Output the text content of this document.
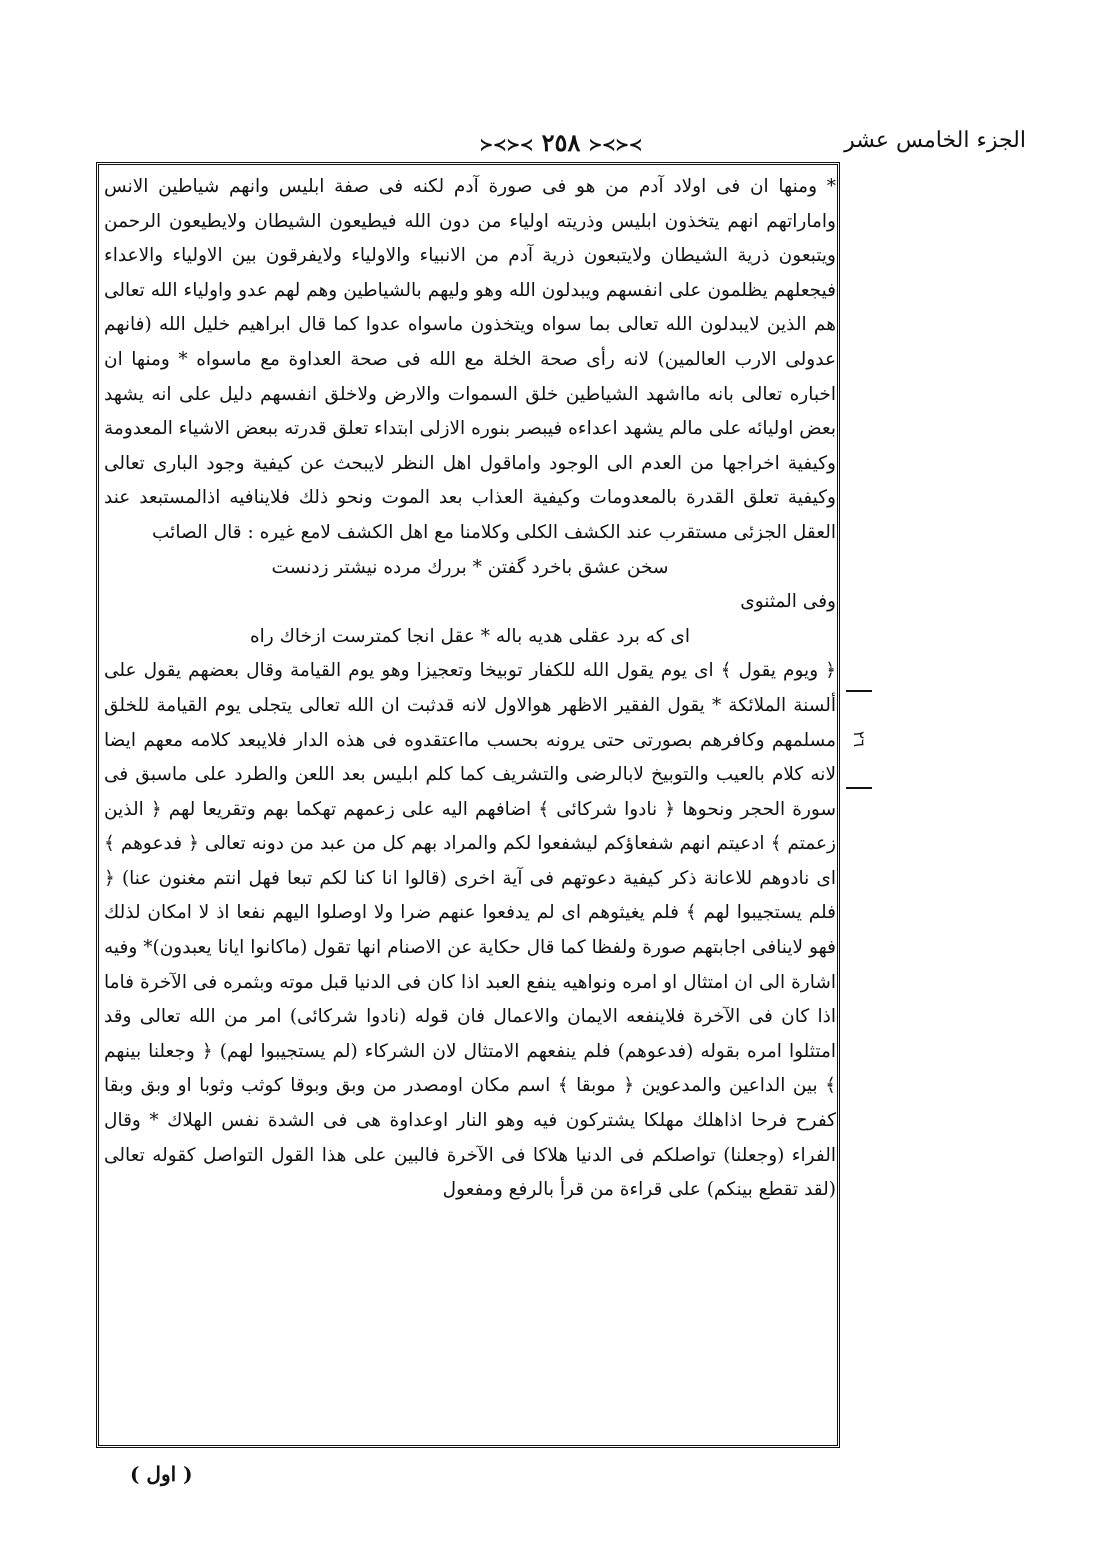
الجزء الخامس عشر
≻≺≻≺ ٢٥٨ ≻≺≻≺

* ومنها ان فى اولاد آدم من هو فى صورة آدم لكنه فى صفة ابليس وانهم شياطين الانس واماراتهم انهم يتخذون ابليس وذريته اولياء من دون الله فيطيعون الشيطان ولايطيعون الرحمن ويتبعون ذرية الشيطان ولايتبعون ذرية آدم من الانبياء والاولياء ولايفرقون بين الاولياء والاعداء فيجعلهم يظلمون على انفسهم ويبدلون الله وهو وليهم بالشياطين وهم لهم عدو واولياء الله تعالى هم الذين لايبدلون الله تعالى بما سواه ويتخذون ماسواه عدوا كما قال ابراهيم خليل الله (فانهم عدولى الارب العالمين) لانه رأى صحة الخلة مع الله فى صحة العداوة مع ماسواه * ومنها ان اخباره تعالى بانه مااشهد الشياطين خلق السموات والارض ولاخلق انفسهم دليل على انه يشهد بعض اوليائه على مالم يشهد اعداءه فيبصر بنوره الازلى ابتداء تعلق قدرته ببعض الاشياء المعدومة وكيفية اخراجها من العدم الى الوجود واماقول اهل النظر لايبحث عن كيفية وجود البارى تعالى وكيفية تعلق القدرة بالمعدومات وكيفية العذاب بعد الموت ونحو ذلك فلاينافيه اذالمستبعد عند العقل الجزئى مستقرب عند الكشف الكلى وكلامنا مع اهل الكشف لامع غيره : قال الصائب

سخن عشق باخرد گفتن * بررك مرده نيشتر زدنست

وفى المثنوى

اى كه برد عقلى هديه باله * عقل انجا كمترست ازخاك راه

﴿ ويوم يقول ﴾ اى يوم يقول الله للكفار توبيخا وتعجيزا وهو يوم القيامة وقال بعضهم يقول على ألسنة الملائكة * يقول الفقير الاظهر هوالاول لانه قدثبت ان الله تعالى يتجلى يوم القيامة للخلق مسلمهم وكافرهم بصورتى حتى يرونه بحسب مااعتقدوه فى هذه الدار فلايبعد كلامه معهم ايضا لانه كلام بالعيب والتوبيخ لابالرضى والتشريف كما كلم ابليس بعد اللعن والطرد على ماسبق فى سورة الحجر ونحوها ﴿ نادوا شركائى ﴾ اضافهم اليه على زعمهم تهكما بهم وتقريعا لهم ﴿ الذين زعمتم ﴾ ادعيتم انهم شفعاؤكم ليشفعوا لكم والمراد بهم كل من عبد من دونه تعالى ﴿ فدعوهم ﴾ اى نادوهم للاعانة ذكر كيفية دعوتهم فى آية اخرى (قالوا انا كنا لكم تبعا فهل انتم مغنون عنا) ﴿ فلم يستجيبوا لهم ﴾ فلم يغيثوهم اى لم يدفعوا عنهم ضرا ولا اوصلوا اليهم نفعا اذ لا امكان لذلك فهو لاينافى اجابتهم صورة ولفظا كما قال حكاية عن الاصنام انها تقول (ماكانوا ايانا يعبدون)* وفيه اشارة الى ان امتثال او امره ونواهيه ينفع العبد اذا كان فى الدنيا قبل موته وبثمره فى الآخرة فاما اذا كان فى الآخرة فلاينفعه الايمان والاعمال فان قوله (نادوا شركائى) امر من الله تعالى وقد امتثلوا امره بقوله (فدعوهم) فلم ينفعهم الامتثال لان الشركاء (لم يستجيبوا لهم) ﴿ وجعلنا بينهم ﴾ بين الداعين والمدعوين ﴿ موبقا ﴾ اسم مكان اومصدر من وبق وبوقا كوثب وثوبا او وبق وبقا كفرح فرحا اذاهلك مهلكا يشتركون فيه وهو النار اوعداوة هى فى الشدة نفس الهلاك * وقال الفراء (وجعلنا) تواصلكم فى الدنيا هلاكا فى الآخرة فالبين على هذا القول التواصل كقوله تعالى (لقد تقطع بينكم) على قراءة من قرأ بالرفع ومفعول

٢٦
( اول )
